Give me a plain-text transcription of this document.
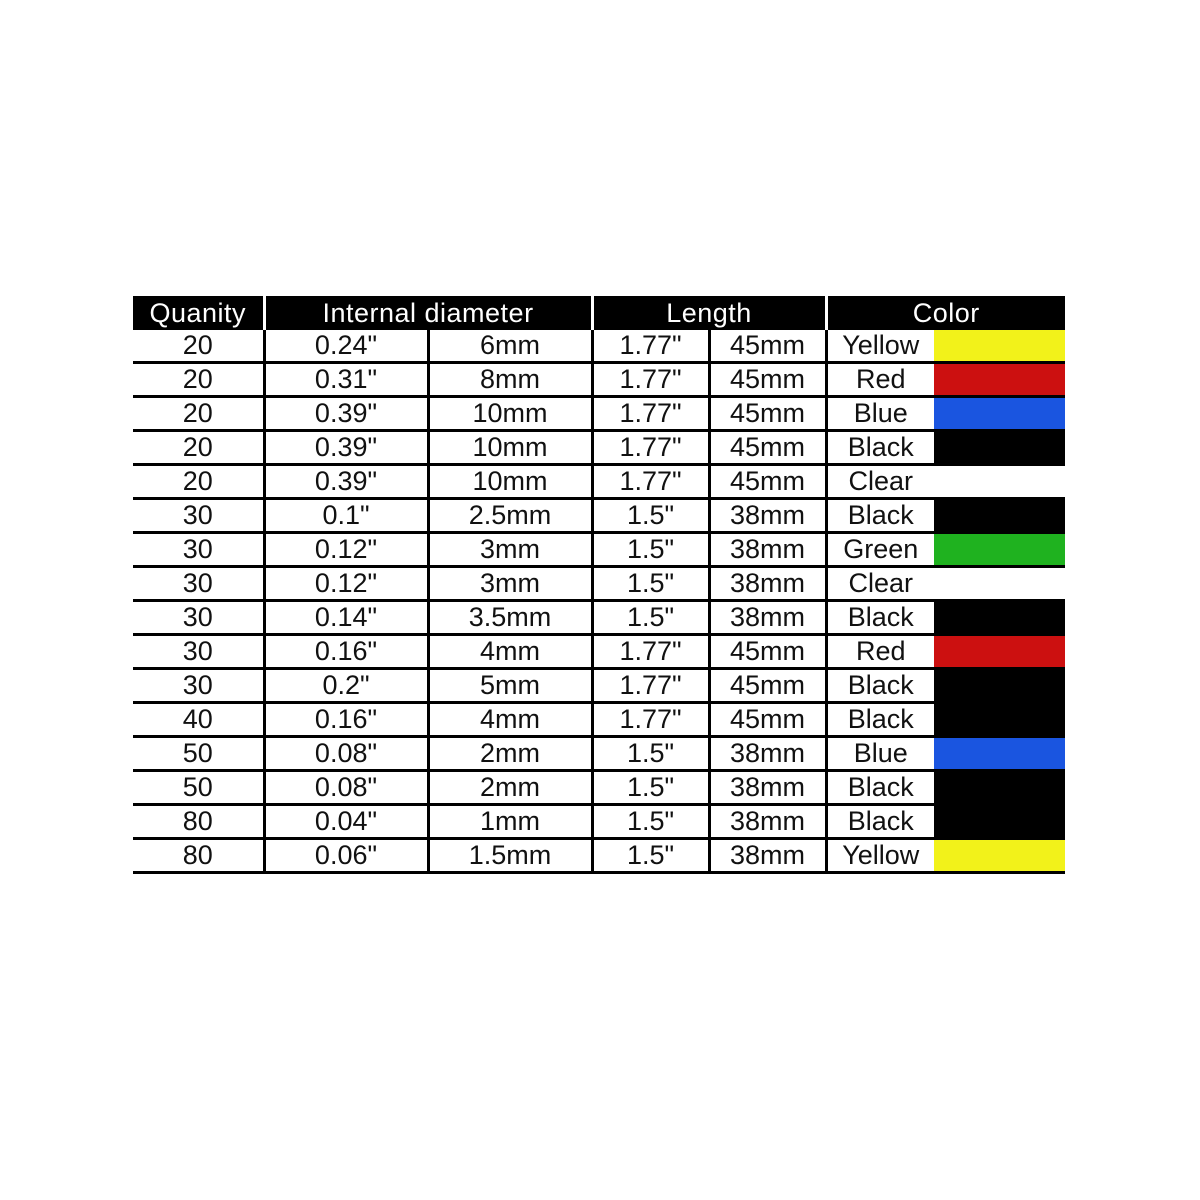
Quanity	Internal diameter		Length		Color	
20	0.24"	6mm	1.77"	45mm	Yellow	
20	0.31"	8mm	1.77"	45mm	Red	
20	0.39"	10mm	1.77"	45mm	Blue	
20	0.39"	10mm	1.77"	45mm	Black	
20	0.39"	10mm	1.77"	45mm	Clear	
30	0.1"	2.5mm	1.5"	38mm	Black	
30	0.12"	3mm	1.5"	38mm	Green	
30	0.12"	3mm	1.5"	38mm	Clear	
30	0.14"	3.5mm	1.5"	38mm	Black	
30	0.16"	4mm	1.77"	45mm	Red	
30	0.2"	5mm	1.77"	45mm	Black	
40	0.16"	4mm	1.77"	45mm	Black	
50	0.08"	2mm	1.5"	38mm	Blue	
50	0.08"	2mm	1.5"	38mm	Black	
80	0.04"	1mm	1.5"	38mm	Black	
80	0.06"	1.5mm	1.5"	38mm	Yellow	
